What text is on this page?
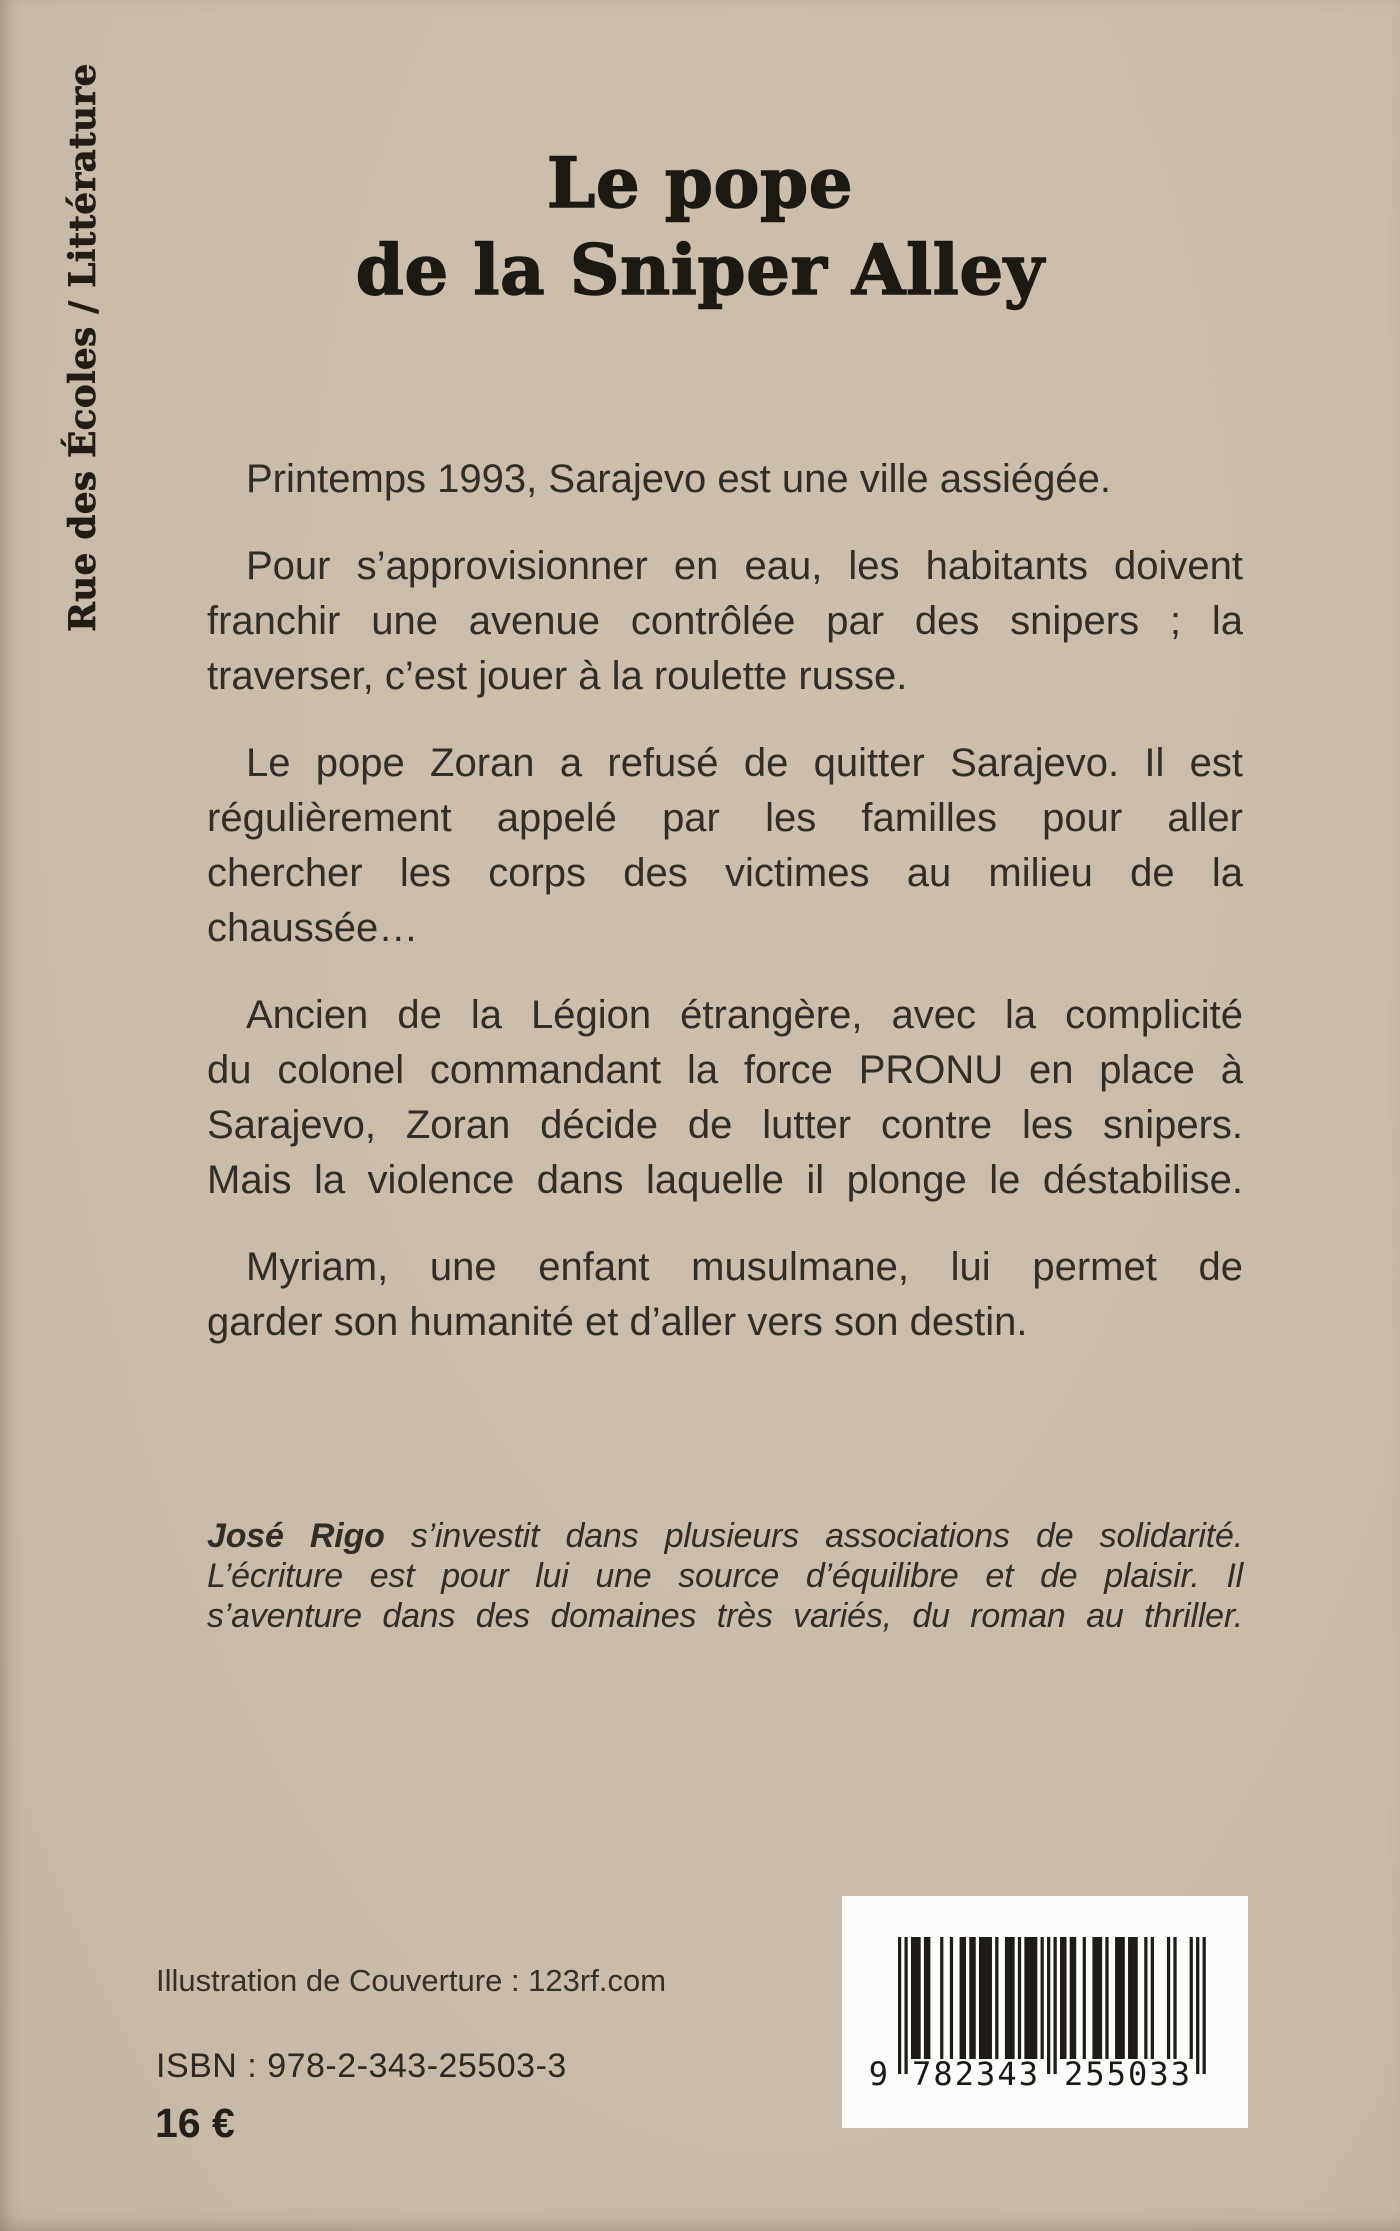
Rue des Écoles / Littérature	Le pope
de la Sniper Alley
Printemps 1993, Sarajevo est une ville assiégée.
Pour s’approvisionner en eau, les habitants doivent
franchir une avenue contrôlée par des snipers ; la
traverser, c’est jouer à la roulette russe.
Le pope Zoran a refusé de quitter Sarajevo. Il est
régulièrement appelé par les familles pour aller
chercher les corps des victimes au milieu de la
chaussée…
Ancien de la Légion étrangère, avec la complicité
du colonel commandant la force PRONU en place à
Sarajevo, Zoran décide de lutter contre les snipers.
Mais la violence dans laquelle il plonge le déstabilise.
Myriam, une enfant musulmane, lui permet de
garder son humanité et d’aller vers son destin.
José Rigo s’investit dans plusieurs associations de solidarité.
L’écriture est pour lui une source d’équilibre et de plaisir. Il
s’aventure dans des domaines très variés, du roman au thriller.
Illustration de Couverture : 123rf.com
ISBN : 978-2-343-25503-3
16 €
9 782343 255033
